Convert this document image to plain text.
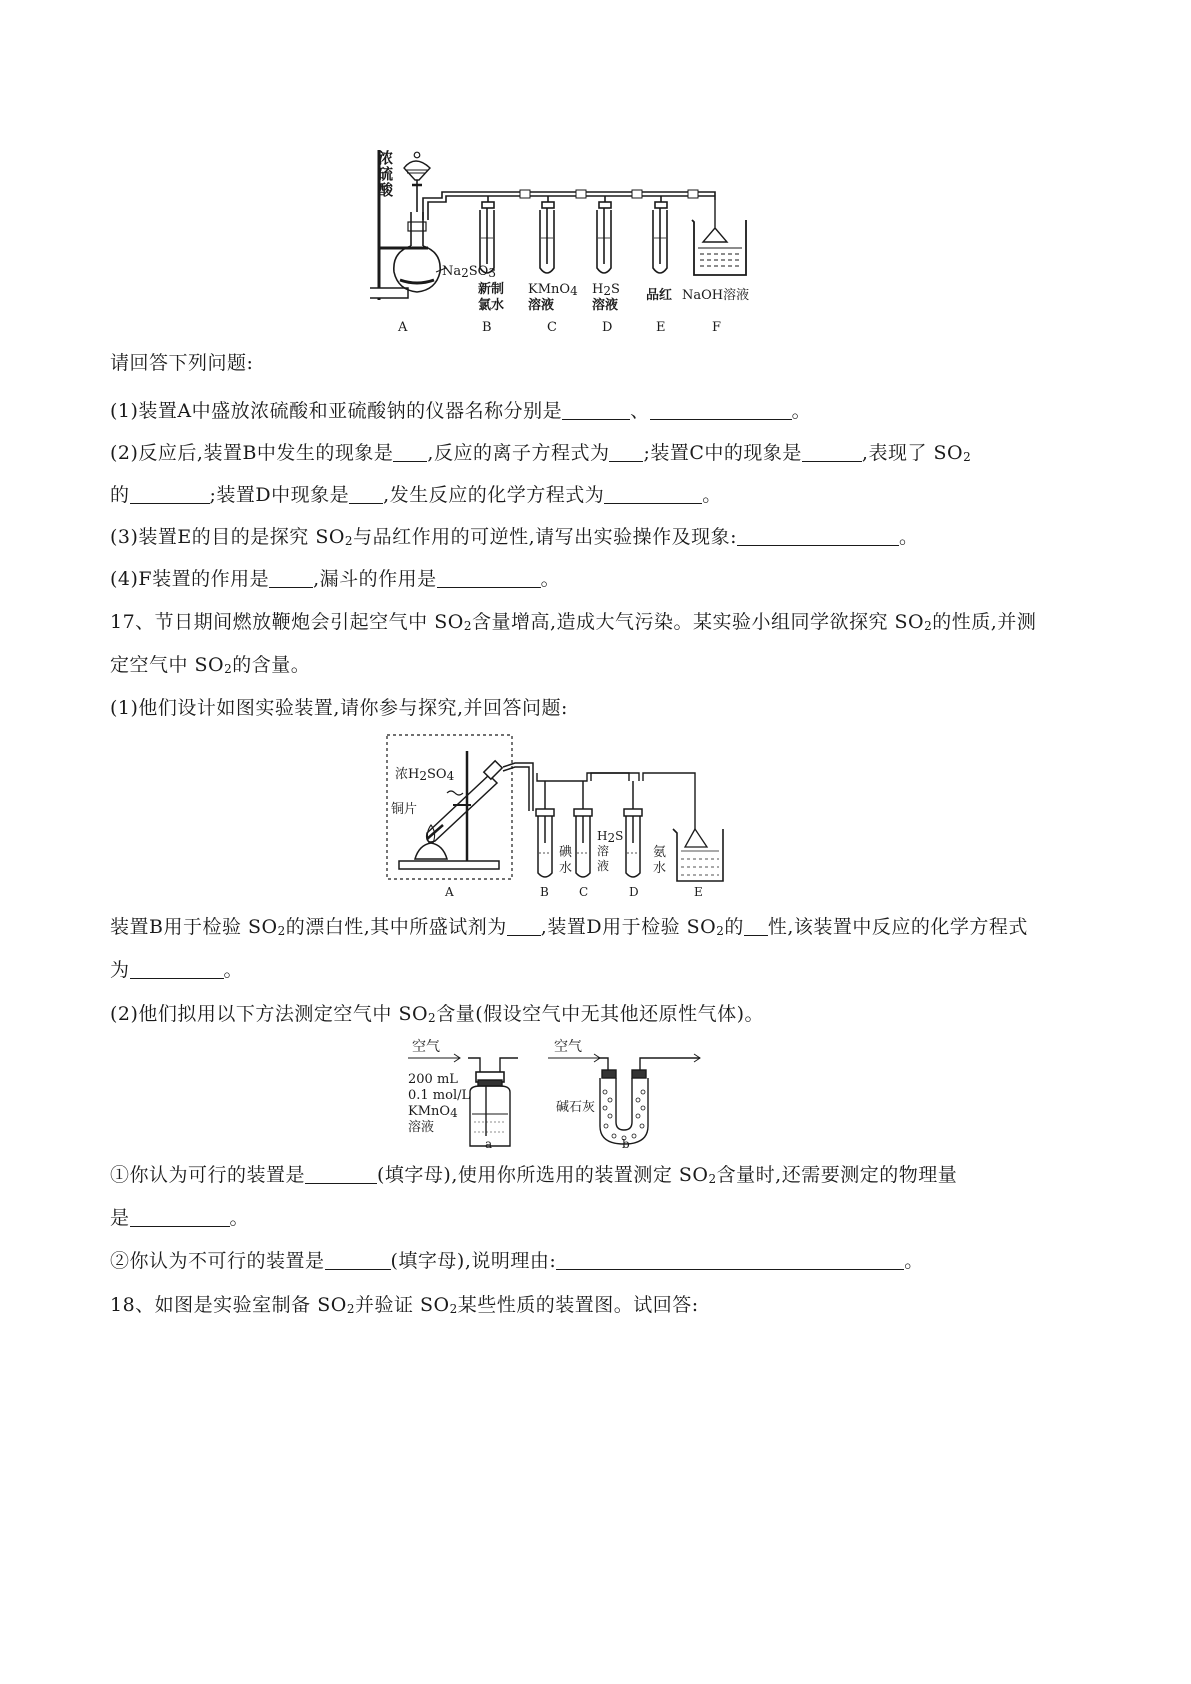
浓
硫
酸
$Na_2SO_3$
新制
氯水
KMnO$_4$
溶液
$H_2S$
溶液
品红 NaOH溶液
A	B	C	D	E	F
请回答下列问题:
(1)装置A中盛放浓硫酸和亚硫酸钠的仪器名称分别是	、	。
(2)反应后,装置B中发生的现象是 ,反应的离子方程式为 ;装置C中的现象是	,表现了 $SO_2$
的	;装置D中现象是 ,发生反应的化学方程式为	。
(3)装置E的目的是探究 $SO_2$与品红作用的可逆性,请写出实验操作及现象:	。
(4)F装置的作用是 ,漏斗的作用是	。
17、节日期间燃放鞭炮会引起空气中 $SO_2$含量增高,造成大气污染。某实验小组同学欲探究 $SO_2$的性质,并测
定空气中 $SO_2$的含量。
(1)他们设计如图实验装置,请你参与探究,并回答问题:
浓$H_2SO_4$
铜片
碘
水
$H_2S$
溶
液
氨
水
A	B	C	D	E
装置B用于检验 $SO_2$的漂白性,其中所盛试剂为 ,装置D用于检验 $SO_2$的 性,该装置中反应的化学方程式
为	。
(2)他们拟用以下方法测定空气中 $SO_2$含量(假设空气中无其他还原性气体)。
空气
200 mL
0.1 mol/L
KMnO$_4$
溶液
a
空气
碱石灰
b
①你认为可行的装置是	(填字母),使用你所选用的装置测定 $SO_2$含量时,还需要测定的物理量
是	。
②你认为不可行的装置是	(填字母),说明理由:	。
18、如图是实验室制备 $SO_2$并验证 $SO_2$某些性质的装置图。试回答:
